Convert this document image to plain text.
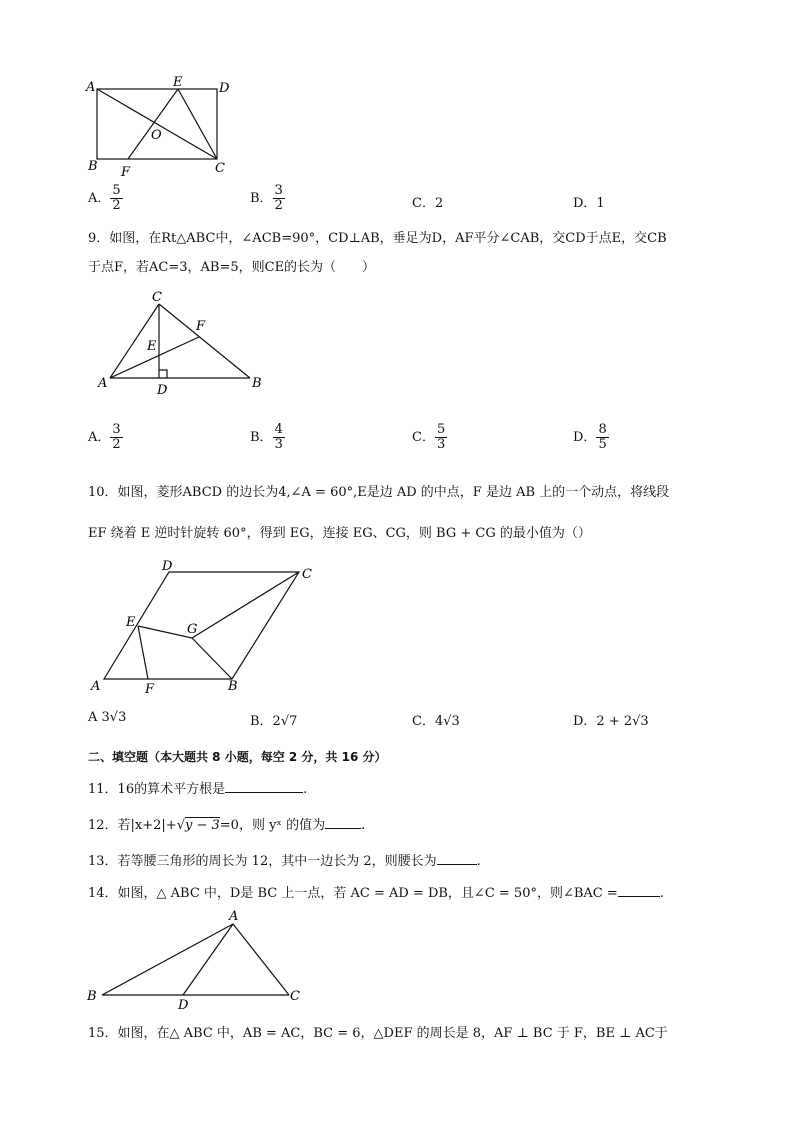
A	E	D
O
B F	C
A． $\frac{5}{2}$	B． $\frac{3}{2}$	C．2	D．1
9．如图，在Rt△ABC中，∠ACB=90°，CD⊥AB，垂足为D，AF平分∠CAB，交CD于点E，交CB
于点F，若AC=3，AB=5，则CE的长为（　　）
C
F
E
A	D	B
A． $\frac{3}{2}$	B． $\frac{4}{3}$	C． $\frac{5}{3}$	D． $\frac{8}{5}$
10．如图，菱形ABCD 的边长为4,∠A = 60°,E是边 AD 的中点，F 是边 AB 上的一个动点，将线段
EF 绕着 E 逆时针旋转 60°，得到 EG，连接 EG、CG，则 BG + CG 的最小值为（）
D
C
E	G
A	F	B
A 3√3	B．2√7	C．4√3	D．2 + 2√3
二、填空题（本大题共 8 小题，每空 2 分，共 16 分）
11．16的算术平方根是	.
12．若|x+2|+√y − 3=0，则 yˣ 的值为	.
13．若等腰三角形的周长为 12，其中一边长为 2，则腰长为	.
14．如图，△ ABC 中，D是 BC 上一点，若 AC = AD = DB，且∠C = 50°，则∠BAC =	.
A
B
D
C
15．如图，在△ ABC 中，AB = AC，BC = 6，△DEF 的周长是 8，AF ⊥ BC 于 F，BE ⊥ AC于
